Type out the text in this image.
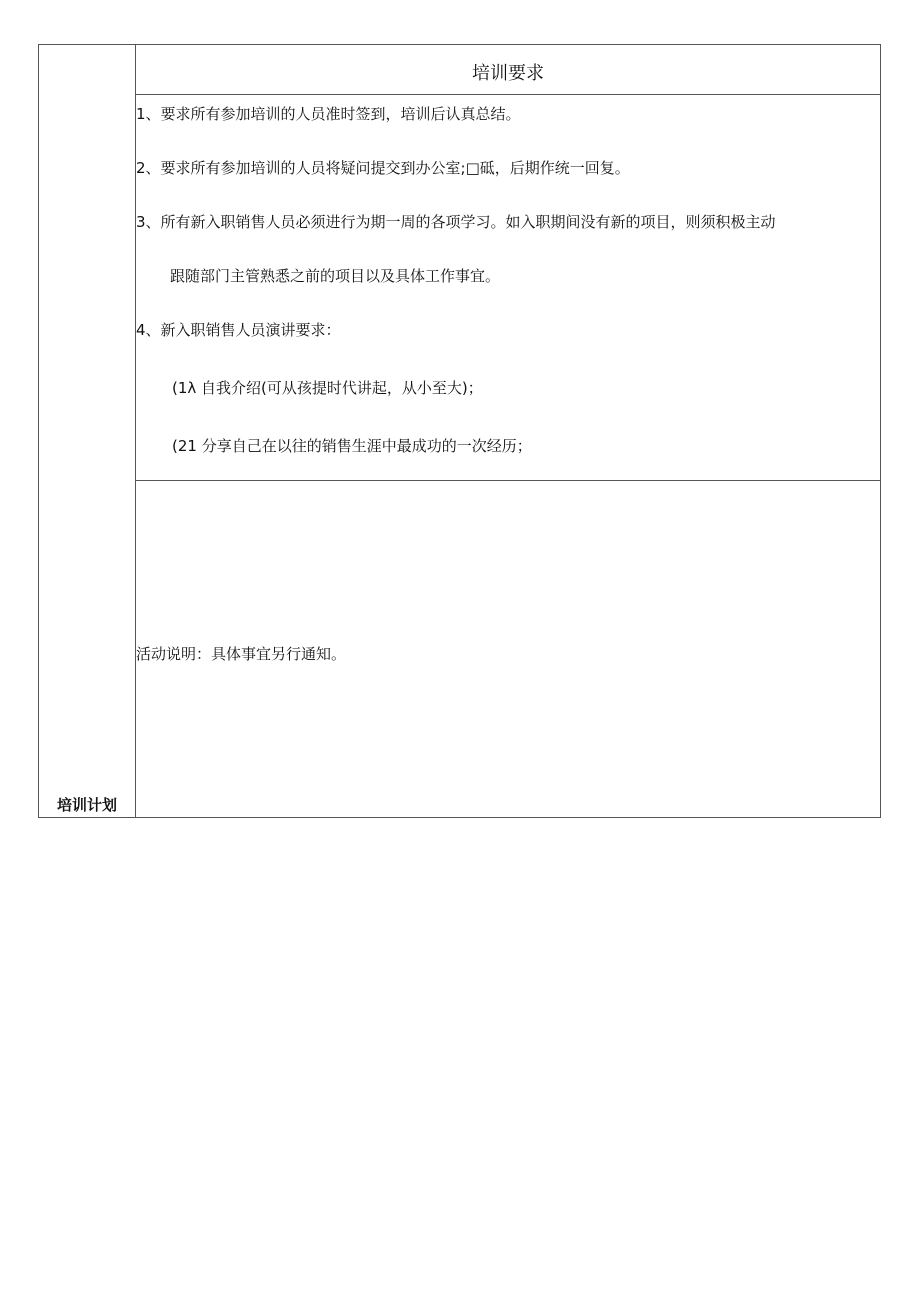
培训计划
培训要求
1、要求所有参加培训的人员准时签到，培训后认真总结。
2、要求所有参加培训的人员将疑问提交到办公室;□砥，后期作统一回复。
3、所有新入职销售人员必须进行为期一周的各项学习。如入职期间没有新的项目，则须积极主动
跟随部门主管熟悉之前的项目以及具体工作事宜。
4、新入职销售人员演讲要求：
(1λ 自我介绍(可从孩提时代讲起，从小至大)；
(21 分享自己在以往的销售生涯中最成功的一次经历；
活动说明：具体事宜另行通知。
